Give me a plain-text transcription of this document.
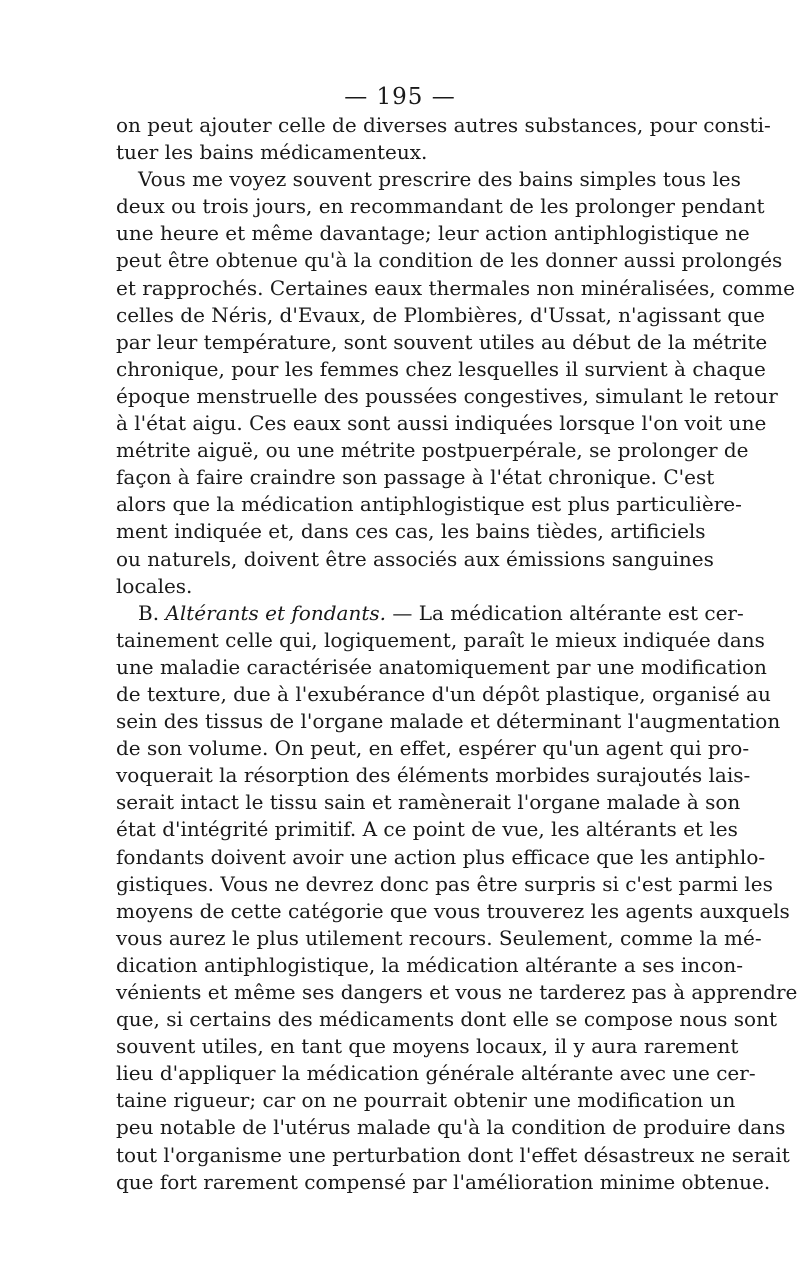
— 195 —
on peut ajouter celle de diverses autres substances, pour consti-
tuer les bains médicamenteux.
Vous me voyez souvent prescrire des bains simples tous les
deux ou trois jours, en recommandant de les prolonger pendant
une heure et même davantage; leur action antiphlogistique ne
peut être obtenue qu'à la condition de les donner aussi prolongés
et rapprochés. Certaines eaux thermales non minéralisées, comme
celles de Néris, d'Evaux, de Plombières, d'Ussat, n'agissant que
par leur température, sont souvent utiles au début de la métrite
chronique, pour les femmes chez lesquelles il survient à chaque
époque menstruelle des poussées congestives, simulant le retour
à l'état aigu. Ces eaux sont aussi indiquées lorsque l'on voit une
métrite aiguë, ou une métrite postpuerpérale, se prolonger de
façon à faire craindre son passage à l'état chronique. C'est
alors que la médication antiphlogistique est plus particulière-
ment indiquée et, dans ces cas, les bains tièdes, artificiels
ou naturels, doivent être associés aux émissions sanguines
locales.
B. Altérants et fondants. — La médication altérante est cer-
tainement celle qui, logiquement, paraît le mieux indiquée dans
une maladie caractérisée anatomiquement par une modification
de texture, due à l'exubérance d'un dépôt plastique, organisé au
sein des tissus de l'organe malade et déterminant l'augmentation
de son volume. On peut, en effet, espérer qu'un agent qui pro-
voquerait la résorption des éléments morbides surajoutés lais-
serait intact le tissu sain et ramènerait l'organe malade à son
état d'intégrité primitif. A ce point de vue, les altérants et les
fondants doivent avoir une action plus efficace que les antiphlo-
gistiques. Vous ne devrez donc pas être surpris si c'est parmi les
moyens de cette catégorie que vous trouverez les agents auxquels
vous aurez le plus utilement recours. Seulement, comme la mé-
dication antiphlogistique, la médication altérante a ses incon-
vénients et même ses dangers et vous ne tarderez pas à apprendre
que, si certains des médicaments dont elle se compose nous sont
souvent utiles, en tant que moyens locaux, il y aura rarement
lieu d'appliquer la médication générale altérante avec une cer-
taine rigueur; car on ne pourrait obtenir une modification un
peu notable de l'utérus malade qu'à la condition de produire dans
tout l'organisme une perturbation dont l'effet désastreux ne serait
que fort rarement compensé par l'amélioration minime obtenue.
